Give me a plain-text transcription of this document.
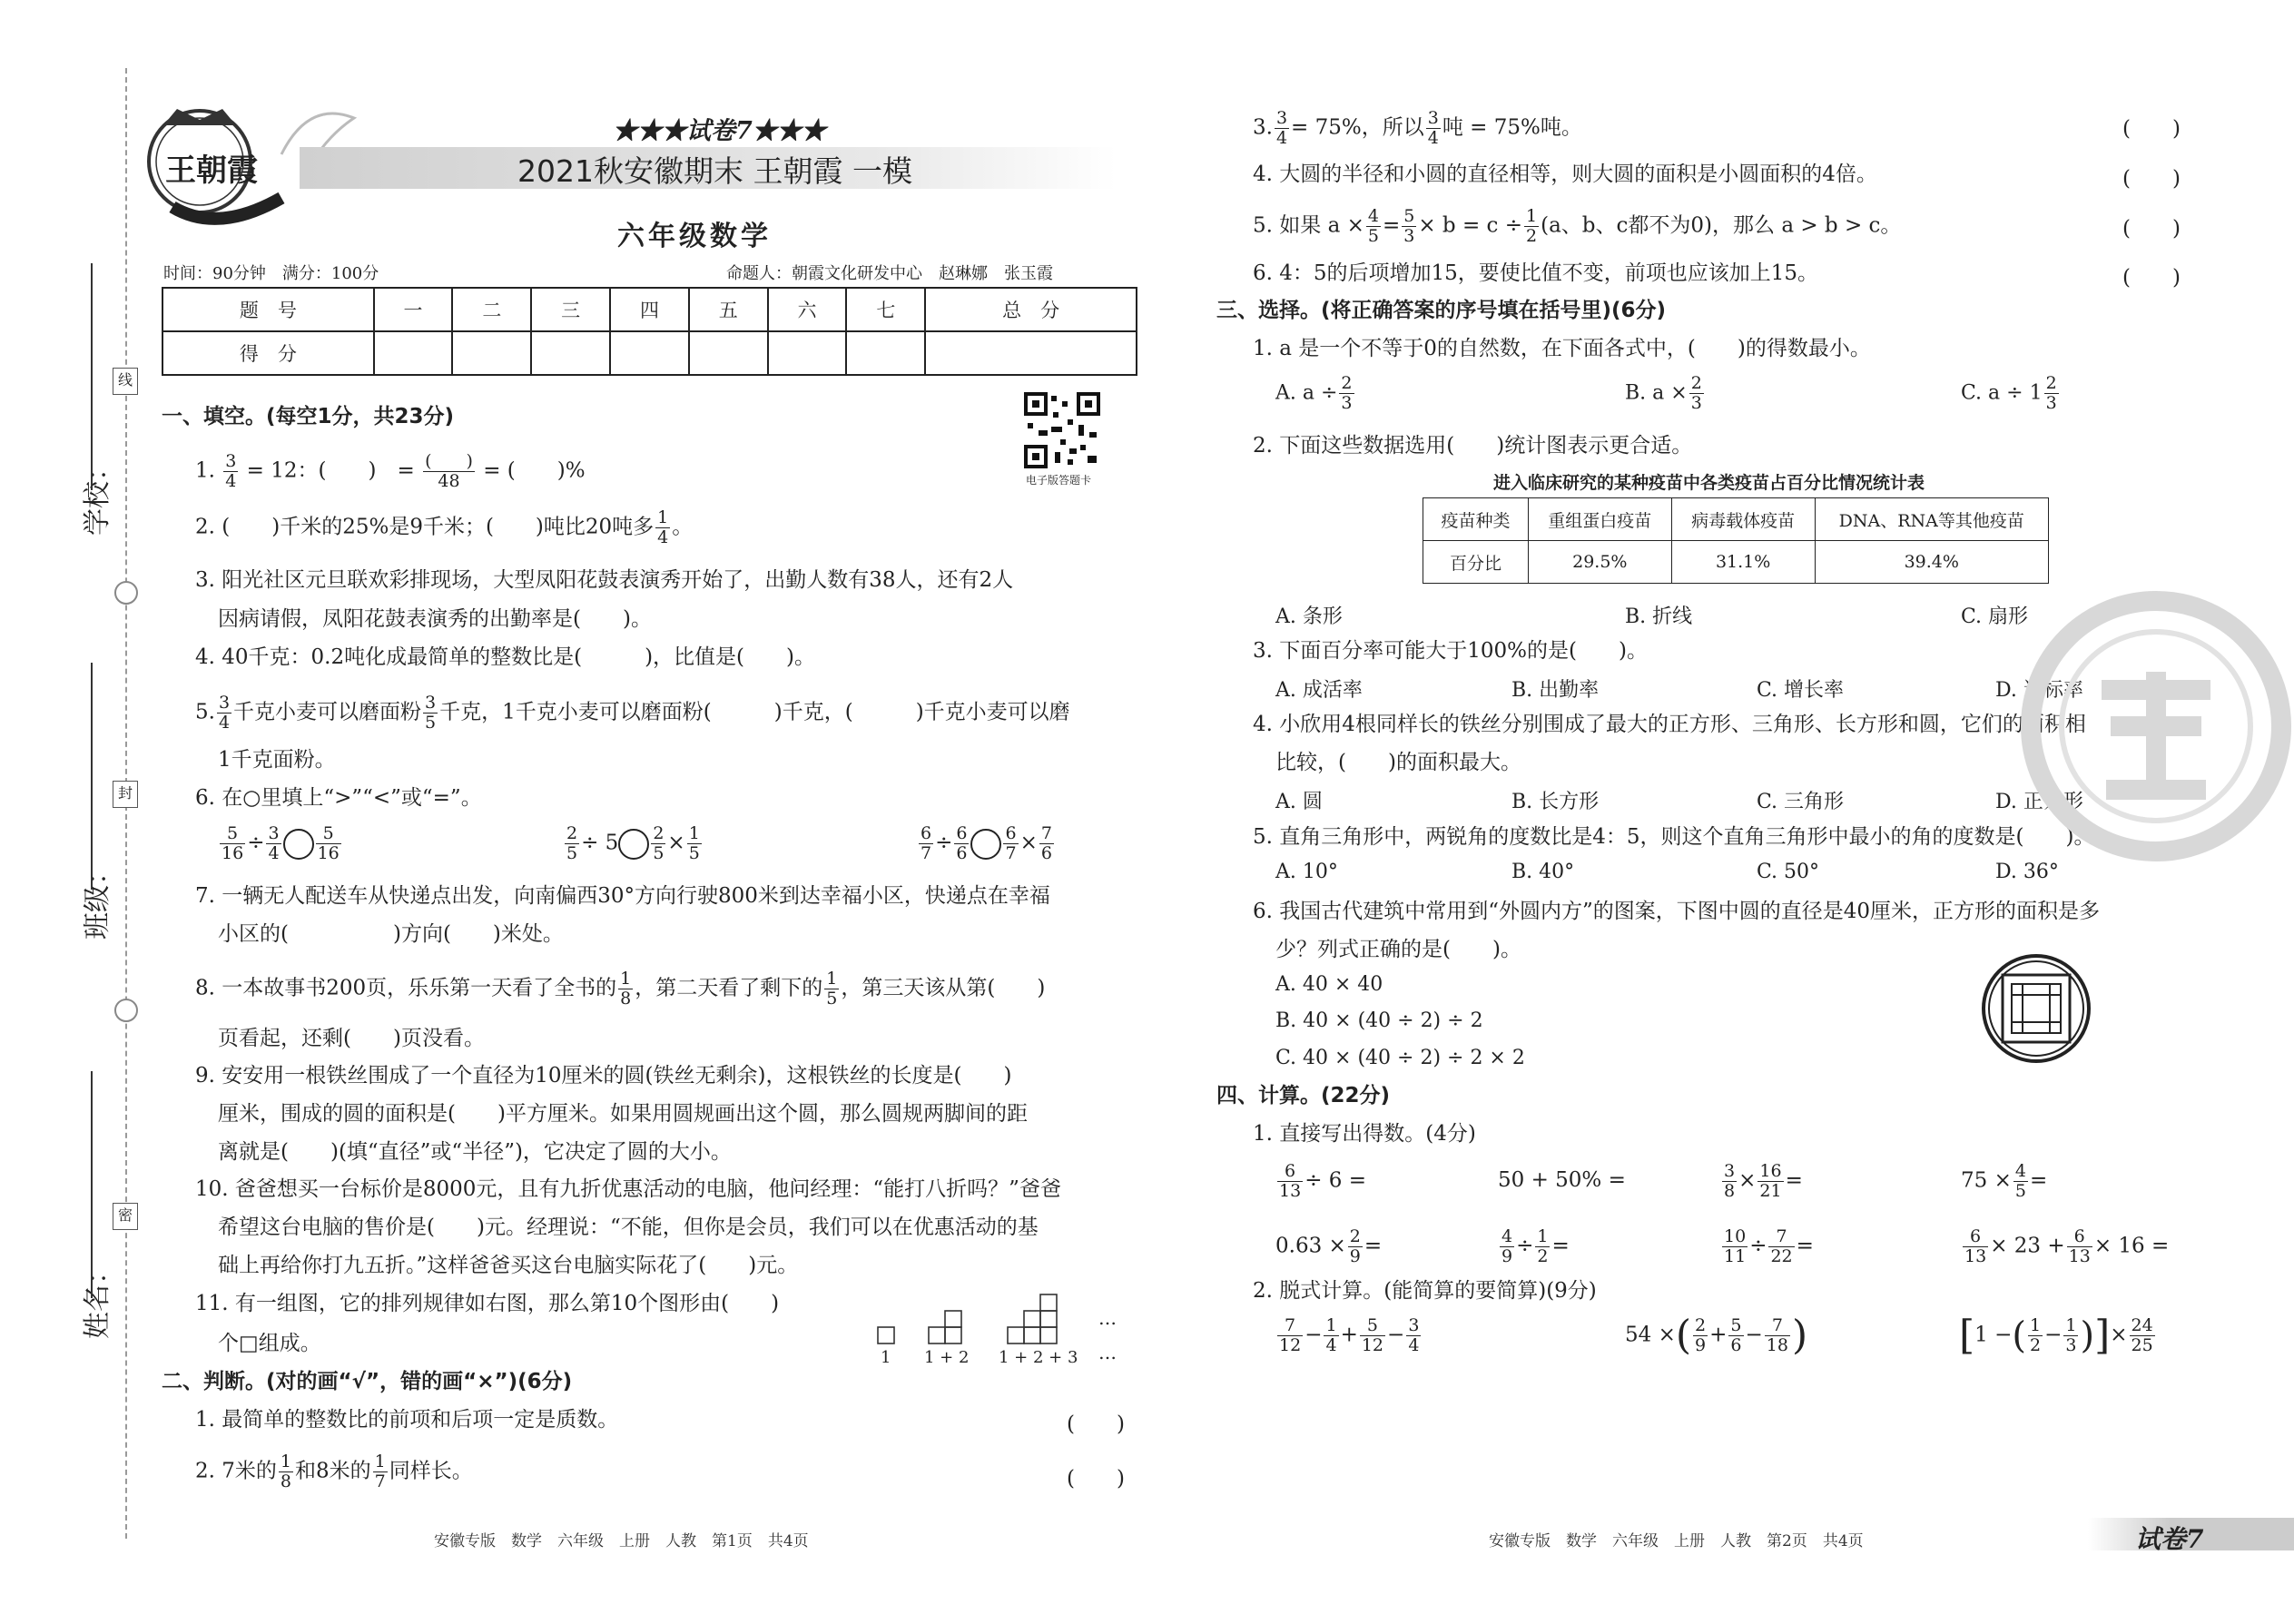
学校：
班级：
姓名：
线
封
密
王朝霞
★★★试卷7★★★
2021秋安徽期末 王朝霞 一模
六年级数学
时间：90分钟　满分：100分	命题人：朝霞文化研发中心　赵琳娜　张玉霞
题　号	一	二	三	四	五	六	七	总　分
得　分								
电子版答题卡
一、填空。(每空1分，共23分)
1. $\frac{3}{4} = 12$：(　　)　= $\frac{( )}{48}$ = (　　)%
2. (　　)千米的25%是9千米；(　　)吨比20吨多 $\frac{1}{4}$ 。
3. 阳光社区元旦联欢彩排现场，大型凤阳花鼓表演秀开始了，出勤人数有38人，还有2人
因病请假，凤阳花鼓表演秀的出勤率是(　　)。
4. 40千克：0.2吨化成最简单的整数比是(　　　)，比值是(　　)。
5. $\frac{3}{4}$ 千克小麦可以磨面粉 $\frac{3}{5}$ 千克，1千克小麦可以磨面粉(　　　)千克，(　　　)千克小麦可以磨
1千克面粉。
6. 在○里填上“>”“<”或“=”。
$\frac{5}{16} \div \frac{3}{4} \frac{5}{16}$	$\frac{2}{5} \div 5 \frac{2}{5} \times \frac{1}{5}$	$\frac{6}{7} \div \frac{6}{6} \frac{6}{7} \times \frac{7}{6}$
7. 一辆无人配送车从快递点出发，向南偏西30°方向行驶800米到达幸福小区，快递点在幸福
小区的(　　　　　)方向(　　)米处。
8. 一本故事书200页，乐乐第一天看了全书的 $\frac{1}{8}$ ，第二天看了剩下的 $\frac{1}{5}$ ，第三天该从第(　　)
页看起，还剩(　　)页没看。
9. 安安用一根铁丝围成了一个直径为10厘米的圆(铁丝无剩余)，这根铁丝的长度是(　　)
厘米，围成的圆的面积是(　　)平方厘米。如果用圆规画出这个圆，那么圆规两脚间的距
离就是(　　)(填“直径”或“半径”)，它决定了圆的大小。
10. 爸爸想买一台标价是8000元，且有九折优惠活动的电脑，他问经理：“能打八折吗？”爸爸
希望这台电脑的售价是(　　)元。经理说：“不能，但你是会员，我们可以在优惠活动的基
础上再给你打九五折。”这样爸爸买这台电脑实际花了(　　)元。
11. 有一组图，它的排列规律如右图，那么第10个图形由(　　)
个□组成。
1 1 + 2 1 + 2 + 3
…
…
二、判断。(对的画“√”，错的画“×”)(6分)
1. 最简单的整数比的前项和后项一定是质数。	(　　)
2. 7米的 $\frac{1}{8}$ 和8米的 $\frac{1}{7}$ 同样长。	(　　)
安徽专版　数学　六年级　上册　人教　第1页　共4页
3. $\frac{3}{4} = 75\%$，所以 $\frac{3}{4}$ 吨 = 75%吨。	(　　)
4. 大圆的半径和小圆的直径相等，则大圆的面积是小圆面积的4倍。	(　　)
5. 如果 $a \times \frac{4}{5} = \frac{5}{3} \times b = c \div \frac{1}{2} (a$、b、c都不为0)，那么 a > b > c。	(　　)
6. 4：5的后项增加15，要使比值不变，前项也应该加上15。	(　　)
三、选择。(将正确答案的序号填在括号里)(6分)
1. a 是一个不等于0的自然数，在下面各式中，(　　)的得数最小。
A. $a \div \frac{2}{3}$	B. $a \times \frac{2}{3}$	C. $a \div 1 \frac{2}{3}$
2. 下面这些数据选用(　　)统计图表示更合适。
进入临床研究的某种疫苗中各类疫苗占百分比情况统计表
疫苗种类	重组蛋白疫苗	病毒载体疫苗	DNA、RNA等其他疫苗
百分比	29.5%	31.1%	39.4%
A. 条形	B. 折线	C. 扇形
3. 下面百分率可能大于100%的是(　　)。
A. 成活率	B. 出勤率	C. 增长率	D. 达标率
4. 小欣用4根同样长的铁丝分别围成了最大的正方形、三角形、长方形和圆，它们的面积相
比较，(　　)的面积最大。
A. 圆	B. 长方形	C. 三角形	D. 正方形
5. 直角三角形中，两锐角的度数比是4：5，则这个直角三角形中最小的角的度数是(　　)。
A. 10°	B. 40°	C. 50°	D. 36°
6. 我国古代建筑中常用到“外圆内方”的图案，下图中圆的直径是40厘米，正方形的面积是多
少？列式正确的是(　　)。
A. 40 × 40
B. 40 × (40 ÷ 2) ÷ 2
C. 40 × (40 ÷ 2) ÷ 2 × 2
四、计算。(22分)
1. 直接写出得数。(4分)
$\frac{6}{13} \div 6$ =	50 + 50% =	$\frac{3}{8} \times \frac{16}{21}$ =	$75 \times \frac{4}{5}$ =
$0.63 \times \frac{2}{9}$ =	$\frac{4}{9} \div \frac{1}{2}$ =	$\frac{10}{11} \div \frac{7}{22}$ =	$\frac{6}{13} \times 23 + \frac{6}{13} \times 16$ =
2. 脱式计算。(能简算的要简算)(9分)
$\frac{7}{12} - \frac{1}{4} + \frac{5}{12} - \frac{3}{4}$	54 ×( $\frac{2}{9} + \frac{5}{6} - \frac{7}{18}$ )	[1 −( $\frac{1}{2} - \frac{1}{3}$ )]× $\frac{24}{25}$
安徽专版　数学　六年级　上册　人教　第2页　共4页	试卷7
